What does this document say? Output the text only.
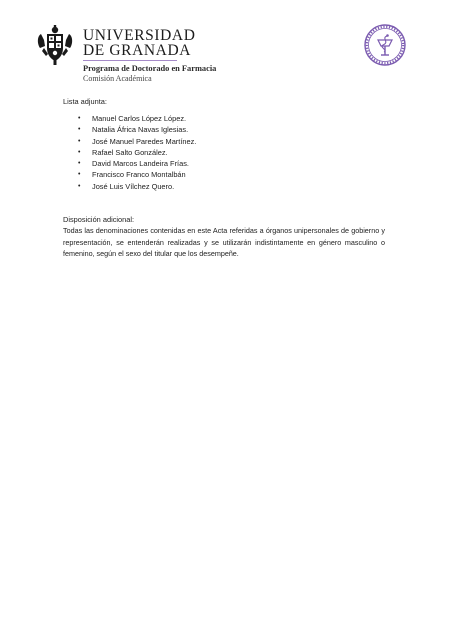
UNIVERSIDAD
DE GRANADA
Programa de Doctorado en Farmacia
Comisión Académica
Lista adjunta:
• Manuel Carlos López López.
• Natalia África Navas Iglesias.
• José Manuel Paredes Martínez.
• Rafael Salto González.
• David Marcos Landeira Frías.
• Francisco Franco Montalbán
• José Luis Vílchez Quero.
Disposición adicional:

Todas las denominaciones contenidas en este Acta referidas a órganos unipersonales de gobierno y representación, se entenderán realizadas y se utilizarán indistintamente en género masculino o femenino, según el sexo del titular que los desempeñe.
